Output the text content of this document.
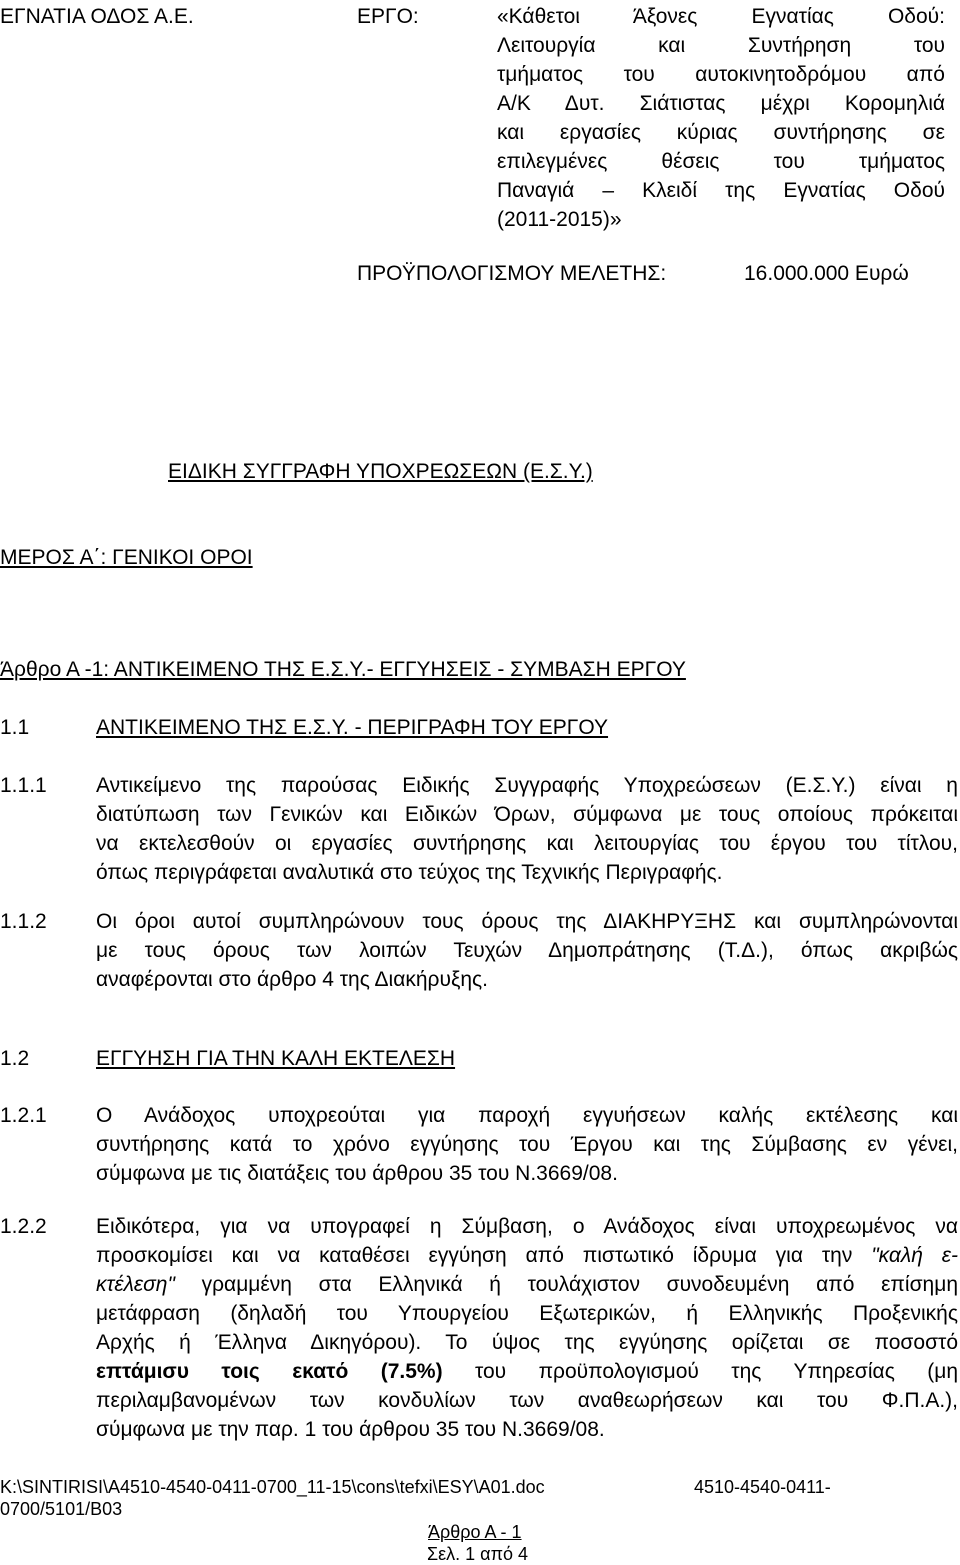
ΕΓΝΑΤΙΑ ΟΔΟΣ Α.Ε.	ΕΡΓΟ:	«Κάθετοι Άξονες Εγνατίας Οδού:
Λειτουργία και Συντήρηση του
τμήματος του αυτοκινητοδρόμου από
Α/Κ Δυτ. Σιάτιστας μέχρι Κορομηλιά
και εργασίες κύριας συντήρησης σε
επιλεγμένες θέσεις του τμήματος
Παναγιά – Κλειδί της Εγνατίας Οδού
(2011-2015)»
ΠΡΟΫΠΟΛΟΓΙΣΜΟΥ ΜΕΛΕΤΗΣ:	16.000.000 Ευρώ
ΕΙΔΙΚΗ ΣΥΓΓΡΑΦΗ ΥΠΟΧΡΕΩΣΕΩΝ (Ε.Σ.Υ.)
ΜΕΡΟΣ Α΄: ΓΕΝΙΚΟΙ ΟΡΟΙ
Άρθρο Α -1: ΑΝΤΙΚΕΙΜΕΝΟ ΤΗΣ Ε.Σ.Υ.- ΕΓΓΥΗΣΕΙΣ - ΣΥΜΒΑΣΗ ΕΡΓΟΥ
1.1	ΑΝΤΙΚΕΙΜΕΝΟ ΤΗΣ Ε.Σ.Υ. - ΠΕΡΙΓΡΑΦΗ ΤΟΥ ΕΡΓΟΥ
1.1.1 Αντικείμενο της παρούσας Ειδικής Συγγραφής Υποχρεώσεων (Ε.Σ.Υ.) είναι η
διατύπωση των Γενικών και Ειδικών Όρων, σύμφωνα με τους οποίους πρόκειται
να εκτελεσθούν οι εργασίες συντήρησης και λειτουργίας του έργου του τίτλου,
όπως περιγράφεται αναλυτικά στο τεύχος της Τεχνικής Περιγραφής.
1.1.2 Οι όροι αυτοί συμπληρώνουν τους όρους της ΔΙΑΚΗΡΥΞΗΣ και συμπληρώνονται
με τους όρους των λοιπών Τευχών Δημοπράτησης (Τ.Δ.), όπως ακριβώς
αναφέρονται στο άρθρο 4 της Διακήρυξης.
1.2	ΕΓΓΥΗΣΗ ΓΙΑ ΤΗΝ ΚΑΛΗ ΕΚΤΕΛΕΣΗ
1.2.1 Ο Ανάδοχος υποχρεούται για παροχή εγγυήσεων καλής εκτέλεσης και
συντήρησης κατά το χρόνο εγγύησης του Έργου και της Σύμβασης εν γένει,
σύμφωνα με τις διατάξεις του άρθρου 35 του Ν.3669/08.
1.2.2 Ειδικότερα, για να υπογραφεί η Σύμβαση, ο Ανάδοχος είναι υποχρεωμένος να
προσκομίσει και να καταθέσει εγγύηση από πιστωτικό ίδρυμα για την "καλή ε-
κτέλεση" γραμμένη στα Ελληνικά ή τουλάχιστον συνοδευμένη από επίσημη
μετάφραση (δηλαδή του Υπουργείου Εξωτερικών, ή Ελληνικής Προξενικής
Αρχής ή Έλληνα Δικηγόρου). Το ύψος της εγγύησης ορίζεται σε ποσοστό
επτάμισυ τοις εκατό (7.5%) του προϋπολογισμού της Υπηρεσίας (μη
περιλαμβανομένων των κονδυλίων των αναθεωρήσεων και του Φ.Π.Α.),
σύμφωνα με την παρ. 1 του άρθρου 35 του Ν.3669/08.
K:\SINTIRISI\A4510-4540-0411-0700_11-15\cons\tefxi\ESY\A01.doc	4510-4540-0411-
0700/5101/B03
Άρθρο Α - 1
Σελ. 1 από 4
